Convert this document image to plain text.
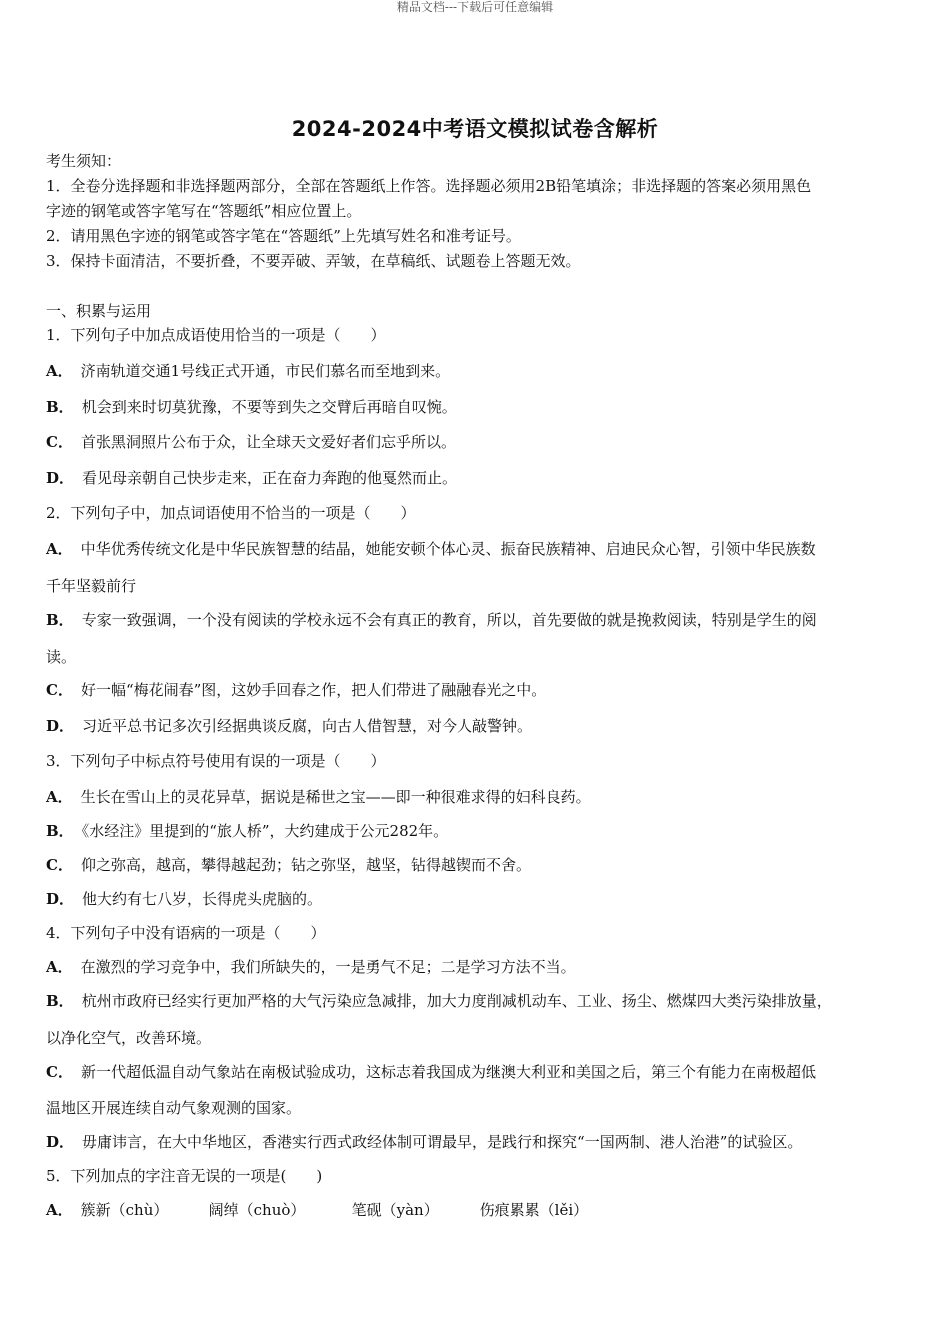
精品文档---下载后可任意编辑
2024-2024中考语文模拟试卷含解析
考生须知：
1．全卷分选择题和非选择题两部分，全部在答题纸上作答。选择题必须用2B铅笔填涂；非选择题的答案必须用黑色
字迹的钢笔或答字笔写在“答题纸”相应位置上。
2．请用黑色字迹的钢笔或答字笔在“答题纸”上先填写姓名和准考证号。
3．保持卡面清洁，不要折叠，不要弄破、弄皱，在草稿纸、试题卷上答题无效。
一、积累与运用
1．下列句子中加点成语使用恰当的一项是（　　）
A． 济南轨道交通1号线正式开通，市民们慕名而至地到来。
B． 机会到来时切莫犹豫，不要等到失之交臂后再暗自叹惋。
C． 首张黑洞照片公布于众，让全球天文爱好者们忘乎所以。
D． 看见母亲朝自己快步走来，正在奋力奔跑的他戛然而止。
2．下列句子中，加点词语使用不恰当的一项是（　　）
A． 中华优秀传统文化是中华民族智慧的结晶，她能安顿个体心灵、振奋民族精神、启迪民众心智，引领中华民族数
千年坚毅前行
B． 专家一致强调，一个没有阅读的学校永远不会有真正的教育，所以，首先要做的就是挽救阅读，特别是学生的阅
读。
C． 好一幅“梅花闹春”图，这妙手回春之作，把人们带进了融融春光之中。
D． 习近平总书记多次引经据典谈反腐，向古人借智慧，对今人敲警钟。
3．下列句子中标点符号使用有误的一项是（　　）
A． 生长在雪山上的灵花异草，据说是稀世之宝——即一种很难求得的妇科良药。
B． 《水经注》里提到的“旅人桥”，大约建成于公元282年。
C． 仰之弥高，越高，攀得越起劲；钻之弥坚，越坚，钻得越锲而不舍。
D． 他大约有七八岁，长得虎头虎脑的。
4．下列句子中没有语病的一项是（　　）
A． 在激烈的学习竞争中，我们所缺失的，一是勇气不足；二是学习方法不当。
B． 杭州市政府已经实行更加严格的大气污染应急减排，加大力度削减机动车、工业、扬尘、燃煤四大类污染排放量，
以净化空气，改善环境。
C． 新一代超低温自动气象站在南极试验成功，这标志着我国成为继澳大利亚和美国之后，第三个有能力在南极超低
温地区开展连续自动气象观测的国家。
D． 毋庸讳言，在大中华地区，香港实行西式政经体制可谓最早，是践行和探究“一国两制、港人治港”的试验区。
5．下列加点的字注音无误的一项是(　　)
A． 簇新（chù）	阔绰（chuò）	笔砚（yàn）	伤痕累累（lěi）
